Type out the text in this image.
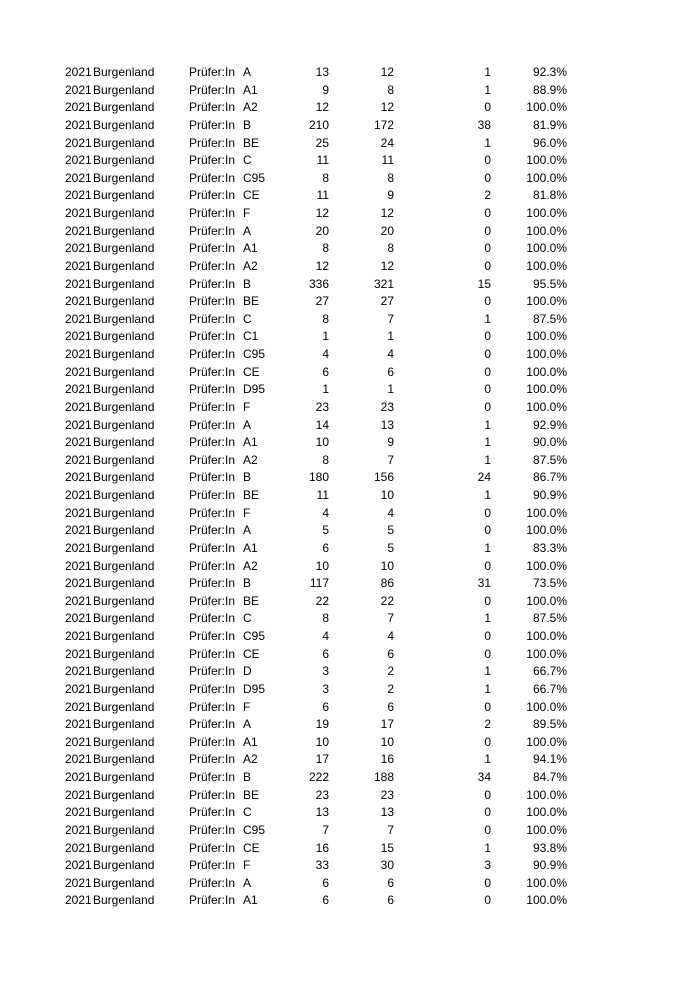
2021 Burgenland	Prüfer:In A	13	12	1	92.3%
2021 Burgenland	Prüfer:In A1	9	8	1	88.9%
2021 Burgenland	Prüfer:In A2	12	12	0	100.0%
2021 Burgenland	Prüfer:In B	210	172	38	81.9%
2021 Burgenland	Prüfer:In BE	25	24	1	96.0%
2021 Burgenland	Prüfer:In C	11	11	0	100.0%
2021 Burgenland	Prüfer:In C95	8	8	0	100.0%
2021 Burgenland	Prüfer:In CE	11	9	2	81.8%
2021 Burgenland	Prüfer:In F	12	12	0	100.0%
2021 Burgenland	Prüfer:In A	20	20	0	100.0%
2021 Burgenland	Prüfer:In A1	8	8	0	100.0%
2021 Burgenland	Prüfer:In A2	12	12	0	100.0%
2021 Burgenland	Prüfer:In B	336	321	15	95.5%
2021 Burgenland	Prüfer:In BE	27	27	0	100.0%
2021 Burgenland	Prüfer:In C	8	7	1	87.5%
2021 Burgenland	Prüfer:In C1	1	1	0	100.0%
2021 Burgenland	Prüfer:In C95	4	4	0	100.0%
2021 Burgenland	Prüfer:In CE	6	6	0	100.0%
2021 Burgenland	Prüfer:In D95	1	1	0	100.0%
2021 Burgenland	Prüfer:In F	23	23	0	100.0%
2021 Burgenland	Prüfer:In A	14	13	1	92.9%
2021 Burgenland	Prüfer:In A1	10	9	1	90.0%
2021 Burgenland	Prüfer:In A2	8	7	1	87.5%
2021 Burgenland	Prüfer:In B	180	156	24	86.7%
2021 Burgenland	Prüfer:In BE	11	10	1	90.9%
2021 Burgenland	Prüfer:In F	4	4	0	100.0%
2021 Burgenland	Prüfer:In A	5	5	0	100.0%
2021 Burgenland	Prüfer:In A1	6	5	1	83.3%
2021 Burgenland	Prüfer:In A2	10	10	0	100.0%
2021 Burgenland	Prüfer:In B	117	86	31	73.5%
2021 Burgenland	Prüfer:In BE	22	22	0	100.0%
2021 Burgenland	Prüfer:In C	8	7	1	87.5%
2021 Burgenland	Prüfer:In C95	4	4	0	100.0%
2021 Burgenland	Prüfer:In CE	6	6	0	100.0%
2021 Burgenland	Prüfer:In D	3	2	1	66.7%
2021 Burgenland	Prüfer:In D95	3	2	1	66.7%
2021 Burgenland	Prüfer:In F	6	6	0	100.0%
2021 Burgenland	Prüfer:In A	19	17	2	89.5%
2021 Burgenland	Prüfer:In A1	10	10	0	100.0%
2021 Burgenland	Prüfer:In A2	17	16	1	94.1%
2021 Burgenland	Prüfer:In B	222	188	34	84.7%
2021 Burgenland	Prüfer:In BE	23	23	0	100.0%
2021 Burgenland	Prüfer:In C	13	13	0	100.0%
2021 Burgenland	Prüfer:In C95	7	7	0	100.0%
2021 Burgenland	Prüfer:In CE	16	15	1	93.8%
2021 Burgenland	Prüfer:In F	33	30	3	90.9%
2021 Burgenland	Prüfer:In A	6	6	0	100.0%
2021 Burgenland	Prüfer:In A1	6	6	0	100.0%
